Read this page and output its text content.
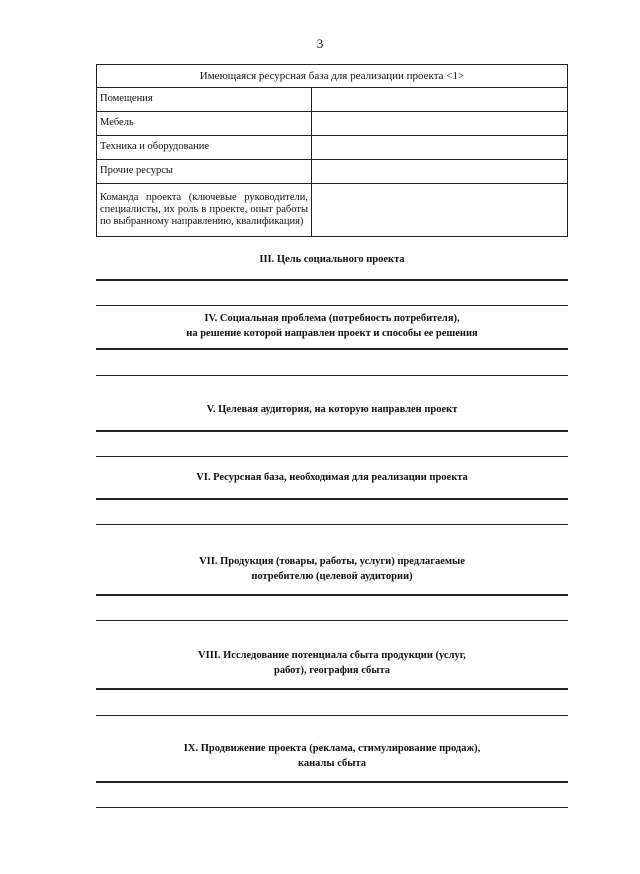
3
Имеющаяся ресурсная база для реализации проекта <1>	
Помещения	
Мебель	
Техника и оборудование	
Прочие ресурсы	
Команда проекта (ключевые руководители, специалисты, их роль в проекте, опыт работы по выбранному направлению, квалификация)	
III. Цель социального проекта
IV. Социальная проблема (потребность потребителя),
на решение которой направлен проект и способы ее решения
V. Целевая аудитория, на которую направлен проект
VI. Ресурсная база, необходимая для реализации проекта
VII. Продукция (товары, работы, услуги) предлагаемые
потребителю (целевой аудитории)
VIII. Исследование потенциала сбыта продукции (услуг,
работ), география сбыта
IX. Продвижение проекта (реклама, стимулирование продаж),
каналы сбыта
